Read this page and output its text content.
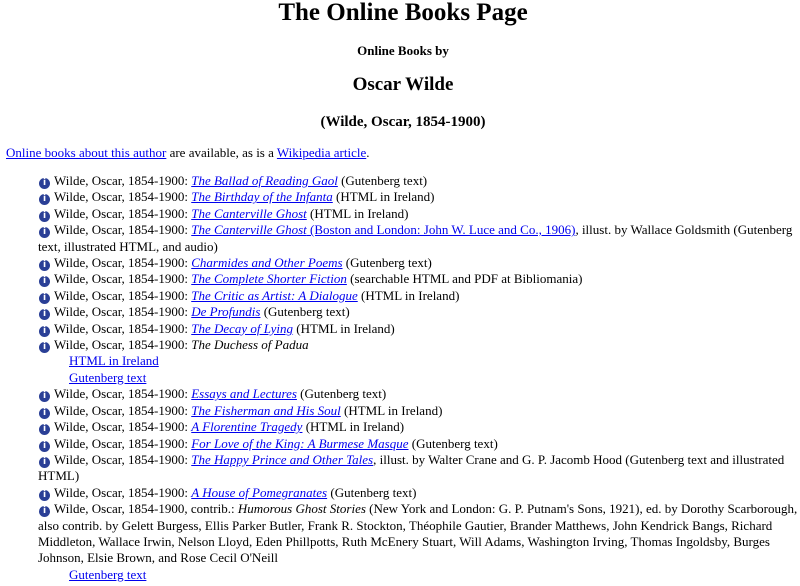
The Online Books Page
Online Books by
Oscar Wilde
(Wilde, Oscar, 1854-1900)
Online books about this author are available, as is a Wikipedia article.
i Wilde, Oscar, 1854-1900: The Ballad of Reading Gaol (Gutenberg text)
i Wilde, Oscar, 1854-1900: The Birthday of the Infanta (HTML in Ireland)
i Wilde, Oscar, 1854-1900: The Canterville Ghost (HTML in Ireland)
i Wilde, Oscar, 1854-1900: The Canterville Ghost (Boston and London: John W. Luce and Co., 1906), illust. by Wallace Goldsmith (Gutenberg text, illustrated HTML, and audio)
i Wilde, Oscar, 1854-1900: Charmides and Other Poems (Gutenberg text)
i Wilde, Oscar, 1854-1900: The Complete Shorter Fiction (searchable HTML and PDF at Bibliomania)
i Wilde, Oscar, 1854-1900: The Critic as Artist: A Dialogue (HTML in Ireland)
i Wilde, Oscar, 1854-1900: De Profundis (Gutenberg text)
i Wilde, Oscar, 1854-1900: The Decay of Lying (HTML in Ireland)
i Wilde, Oscar, 1854-1900: The Duchess of Padua
HTML in Ireland
Gutenberg text
i Wilde, Oscar, 1854-1900: Essays and Lectures (Gutenberg text)
i Wilde, Oscar, 1854-1900: The Fisherman and His Soul (HTML in Ireland)
i Wilde, Oscar, 1854-1900: A Florentine Tragedy (HTML in Ireland)
i Wilde, Oscar, 1854-1900: For Love of the King: A Burmese Masque (Gutenberg text)
i Wilde, Oscar, 1854-1900: The Happy Prince and Other Tales, illust. by Walter Crane and G. P. Jacomb Hood (Gutenberg text and illustrated HTML)
i Wilde, Oscar, 1854-1900: A House of Pomegranates (Gutenberg text)
i Wilde, Oscar, 1854-1900, contrib.: Humorous Ghost Stories (New York and London: G. P. Putnam's Sons, 1921), ed. by Dorothy Scarborough, also contrib. by Gelett Burgess, Ellis Parker Butler, Frank R. Stockton, Théophile Gautier, Brander Matthews, John Kendrick Bangs, Richard Middleton, Wallace Irwin, Nelson Lloyd, Eden Phillpotts, Ruth McEnery Stuart, Will Adams, Washington Irving, Thomas Ingoldsby, Burges Johnson, Elsie Brown, and Rose Cecil O'Neill
Gutenberg text
